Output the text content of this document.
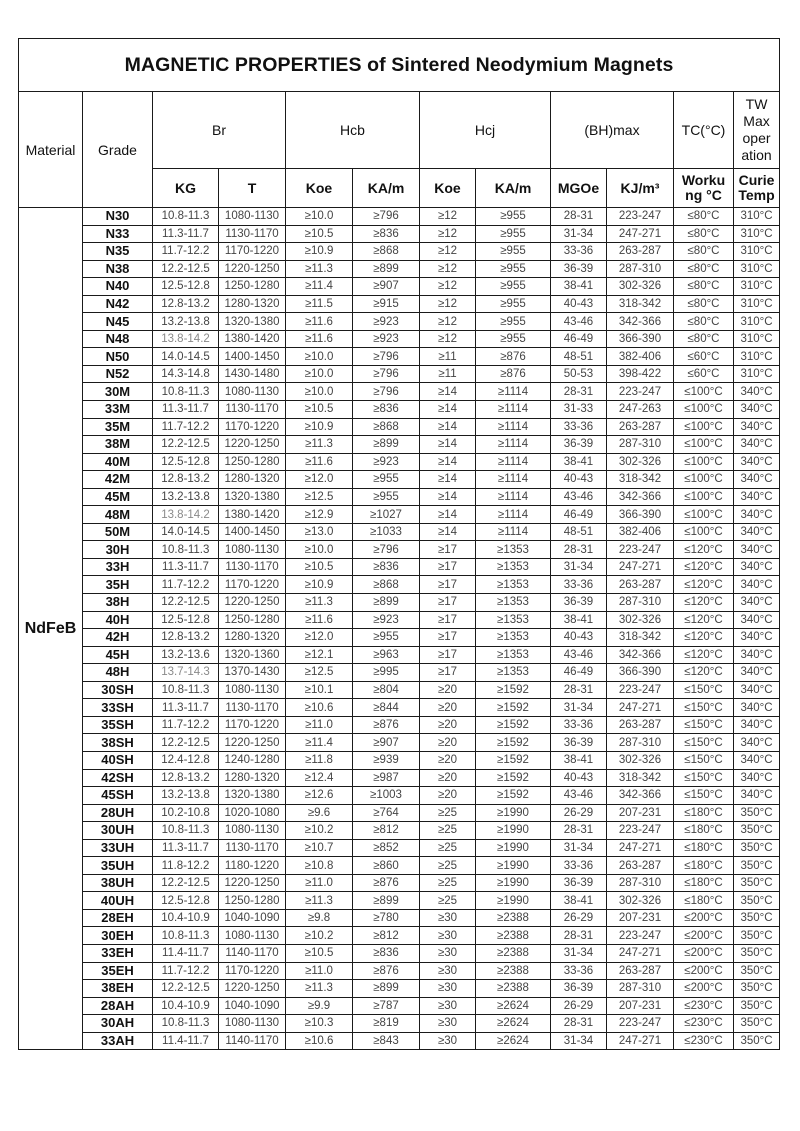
MAGNETIC PROPERTIES of Sintered Neodymium Magnets											
Material	Grade	Br		Hcb		Hcj		(BH)max		TC(°C)	TW Max oper ation
		KG	T	Koe	KA/m	Koe	KA/m	MGOe	KJ/m³	Worku ng °C	Curie Temp
NdFeB	N30	10.8-11.3	1080-1130	≥10.0	≥796	≥12	≥955	28-31	223-247	≤80°C	310°C
	N33	11.3-11.7	1130-1170	≥10.5	≥836	≥12	≥955	31-34	247-271	≤80°C	310°C
	N35	11.7-12.2	1170-1220	≥10.9	≥868	≥12	≥955	33-36	263-287	≤80°C	310°C
	N38	12.2-12.5	1220-1250	≥11.3	≥899	≥12	≥955	36-39	287-310	≤80°C	310°C
	N40	12.5-12.8	1250-1280	≥11.4	≥907	≥12	≥955	38-41	302-326	≤80°C	310°C
	N42	12.8-13.2	1280-1320	≥11.5	≥915	≥12	≥955	40-43	318-342	≤80°C	310°C
	N45	13.2-13.8	1320-1380	≥11.6	≥923	≥12	≥955	43-46	342-366	≤80°C	310°C
	N48	13.8-14.2	1380-1420	≥11.6	≥923	≥12	≥955	46-49	366-390	≤80°C	310°C
	N50	14.0-14.5	1400-1450	≥10.0	≥796	≥11	≥876	48-51	382-406	≤60°C	310°C
	N52	14.3-14.8	1430-1480	≥10.0	≥796	≥11	≥876	50-53	398-422	≤60°C	310°C
	30M	10.8-11.3	1080-1130	≥10.0	≥796	≥14	≥1114	28-31	223-247	≤100°C	340°C
	33M	11.3-11.7	1130-1170	≥10.5	≥836	≥14	≥1114	31-33	247-263	≤100°C	340°C
	35M	11.7-12.2	1170-1220	≥10.9	≥868	≥14	≥1114	33-36	263-287	≤100°C	340°C
	38M	12.2-12.5	1220-1250	≥11.3	≥899	≥14	≥1114	36-39	287-310	≤100°C	340°C
	40M	12.5-12.8	1250-1280	≥11.6	≥923	≥14	≥1114	38-41	302-326	≤100°C	340°C
	42M	12.8-13.2	1280-1320	≥12.0	≥955	≥14	≥1114	40-43	318-342	≤100°C	340°C
	45M	13.2-13.8	1320-1380	≥12.5	≥955	≥14	≥1114	43-46	342-366	≤100°C	340°C
	48M	13.8-14.2	1380-1420	≥12.9	≥1027	≥14	≥1114	46-49	366-390	≤100°C	340°C
	50M	14.0-14.5	1400-1450	≥13.0	≥1033	≥14	≥1114	48-51	382-406	≤100°C	340°C
	30H	10.8-11.3	1080-1130	≥10.0	≥796	≥17	≥1353	28-31	223-247	≤120°C	340°C
	33H	11.3-11.7	1130-1170	≥10.5	≥836	≥17	≥1353	31-34	247-271	≤120°C	340°C
	35H	11.7-12.2	1170-1220	≥10.9	≥868	≥17	≥1353	33-36	263-287	≤120°C	340°C
	38H	12.2-12.5	1220-1250	≥11.3	≥899	≥17	≥1353	36-39	287-310	≤120°C	340°C
	40H	12.5-12.8	1250-1280	≥11.6	≥923	≥17	≥1353	38-41	302-326	≤120°C	340°C
	42H	12.8-13.2	1280-1320	≥12.0	≥955	≥17	≥1353	40-43	318-342	≤120°C	340°C
	45H	13.2-13.6	1320-1360	≥12.1	≥963	≥17	≥1353	43-46	342-366	≤120°C	340°C
	48H	13.7-14.3	1370-1430	≥12.5	≥995	≥17	≥1353	46-49	366-390	≤120°C	340°C
	30SH	10.8-11.3	1080-1130	≥10.1	≥804	≥20	≥1592	28-31	223-247	≤150°C	340°C
	33SH	11.3-11.7	1130-1170	≥10.6	≥844	≥20	≥1592	31-34	247-271	≤150°C	340°C
	35SH	11.7-12.2	1170-1220	≥11.0	≥876	≥20	≥1592	33-36	263-287	≤150°C	340°C
	38SH	12.2-12.5	1220-1250	≥11.4	≥907	≥20	≥1592	36-39	287-310	≤150°C	340°C
	40SH	12.4-12.8	1240-1280	≥11.8	≥939	≥20	≥1592	38-41	302-326	≤150°C	340°C
	42SH	12.8-13.2	1280-1320	≥12.4	≥987	≥20	≥1592	40-43	318-342	≤150°C	340°C
	45SH	13.2-13.8	1320-1380	≥12.6	≥1003	≥20	≥1592	43-46	342-366	≤150°C	340°C
	28UH	10.2-10.8	1020-1080	≥9.6	≥764	≥25	≥1990	26-29	207-231	≤180°C	350°C
	30UH	10.8-11.3	1080-1130	≥10.2	≥812	≥25	≥1990	28-31	223-247	≤180°C	350°C
	33UH	11.3-11.7	1130-1170	≥10.7	≥852	≥25	≥1990	31-34	247-271	≤180°C	350°C
	35UH	11.8-12.2	1180-1220	≥10.8	≥860	≥25	≥1990	33-36	263-287	≤180°C	350°C
	38UH	12.2-12.5	1220-1250	≥11.0	≥876	≥25	≥1990	36-39	287-310	≤180°C	350°C
	40UH	12.5-12.8	1250-1280	≥11.3	≥899	≥25	≥1990	38-41	302-326	≤180°C	350°C
	28EH	10.4-10.9	1040-1090	≥9.8	≥780	≥30	≥2388	26-29	207-231	≤200°C	350°C
	30EH	10.8-11.3	1080-1130	≥10.2	≥812	≥30	≥2388	28-31	223-247	≤200°C	350°C
	33EH	11.4-11.7	1140-1170	≥10.5	≥836	≥30	≥2388	31-34	247-271	≤200°C	350°C
	35EH	11.7-12.2	1170-1220	≥11.0	≥876	≥30	≥2388	33-36	263-287	≤200°C	350°C
	38EH	12.2-12.5	1220-1250	≥11.3	≥899	≥30	≥2388	36-39	287-310	≤200°C	350°C
	28AH	10.4-10.9	1040-1090	≥9.9	≥787	≥30	≥2624	26-29	207-231	≤230°C	350°C
	30AH	10.8-11.3	1080-1130	≥10.3	≥819	≥30	≥2624	28-31	223-247	≤230°C	350°C
	33AH	11.4-11.7	1140-1170	≥10.6	≥843	≥30	≥2624	31-34	247-271	≤230°C	350°C
